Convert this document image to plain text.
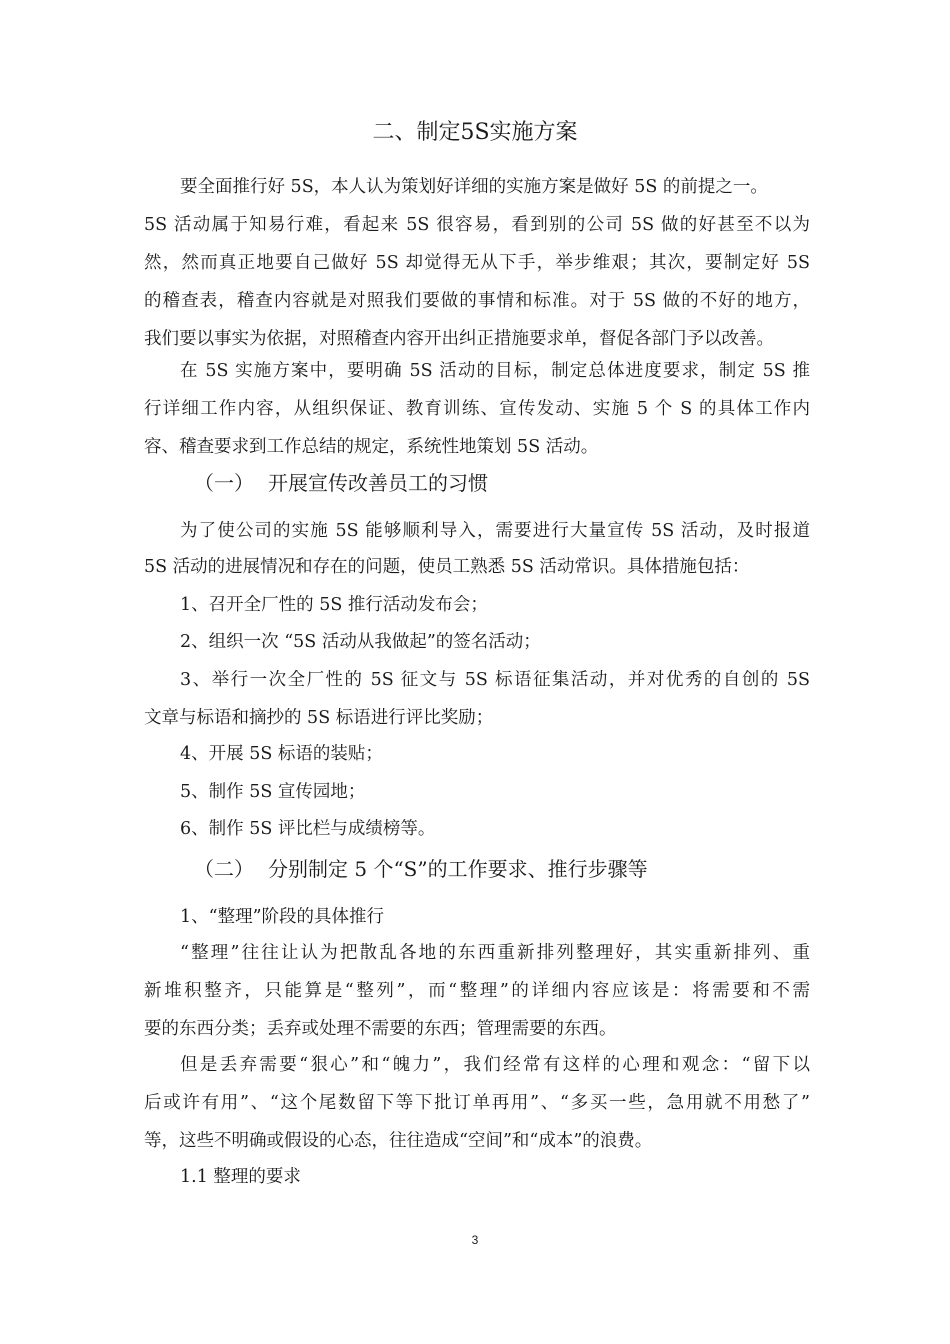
二、制定5S实施方案
要全面推行好 5S，本人认为策划好详细的实施方案是做好 5S 的前提之一。
5S 活动属于知易行难，看起来 5S 很容易，看到别的公司 5S 做的好甚至不以为
然，然而真正地要自己做好 5S 却觉得无从下手，举步维艰；其次，要制定好 5S
的稽查表，稽查内容就是对照我们要做的事情和标准。对于 5S 做的不好的地方，
我们要以事实为依据，对照稽查内容开出纠正措施要求单，督促各部门予以改善。
在 5S 实施方案中，要明确 5S 活动的目标，制定总体进度要求，制定 5S 推
行详细工作内容，从组织保证、教育训练、宣传发动、实施 5 个 S 的具体工作内
容、稽查要求到工作总结的规定，系统性地策划 5S 活动。
（一） 开展宣传改善员工的习惯
为了使公司的实施 5S 能够顺利导入，需要进行大量宣传 5S 活动，及时报道
5S 活动的进展情况和存在的问题，使员工熟悉 5S 活动常识。具体措施包括：
1、召开全厂性的 5S 推行活动发布会；
2、组织一次 “5S 活动从我做起”的签名活动；
3、举行一次全厂性的 5S 征文与 5S 标语征集活动，并对优秀的自创的 5S
文章与标语和摘抄的 5S 标语进行评比奖励；
4、开展 5S 标语的装贴；
5、制作 5S 宣传园地；
6、制作 5S 评比栏与成绩榜等。
（二） 分别制定 5 个“S”的工作要求、推行步骤等
1、“整理”阶段的具体推行
“整理”往往让认为把散乱各地的东西重新排列整理好，其实重新排列、重
新堆积整齐，只能算是“整列”，而“整理”的详细内容应该是：将需要和不需
要的东西分类；丢弃或处理不需要的东西；管理需要的东西。
但是丢弃需要“狠心”和“魄力”，我们经常有这样的心理和观念：“留下以
后或许有用”、“这个尾数留下等下批订单再用”、“多买一些，急用就不用愁了”
等，这些不明确或假设的心态，往往造成“空间”和“成本”的浪费。
1.1 整理的要求
3
